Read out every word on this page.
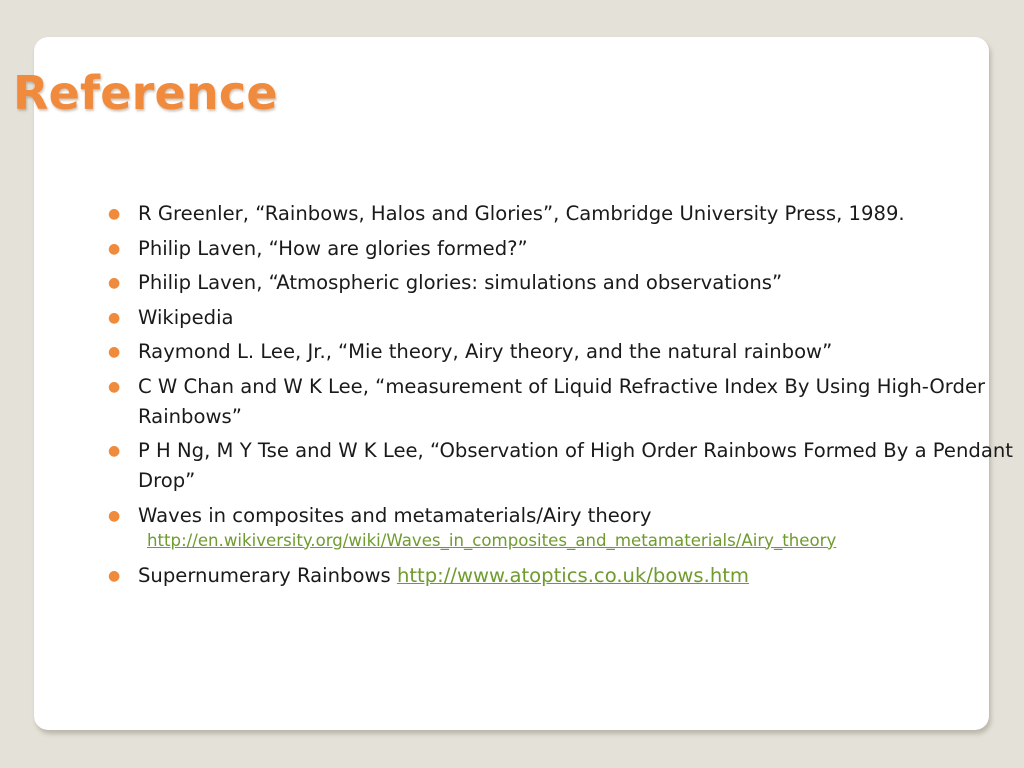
Reference
● R Greenler, “Rainbows, Halos and Glories”, Cambridge University Press, 1989.
● Philip Laven, “How are glories formed?”
● Philip Laven, “Atmospheric glories: simulations and observations”
● Wikipedia
● Raymond L. Lee, Jr., “Mie theory, Airy theory, and the natural rainbow”
● C W Chan and W K Lee, “measurement of Liquid Refractive Index By Using High-Order Rainbows”
● P H Ng, M Y Tse and W K Lee, “Observation of High Order Rainbows Formed By a Pendant Drop”
● Waves in composites and metamaterials/Airy theory
http://en.wikiversity.org/wiki/Waves_in_composites_and_metamaterials/Airy_theory
● Supernumerary Rainbows http://www.atoptics.co.uk/bows.htm
